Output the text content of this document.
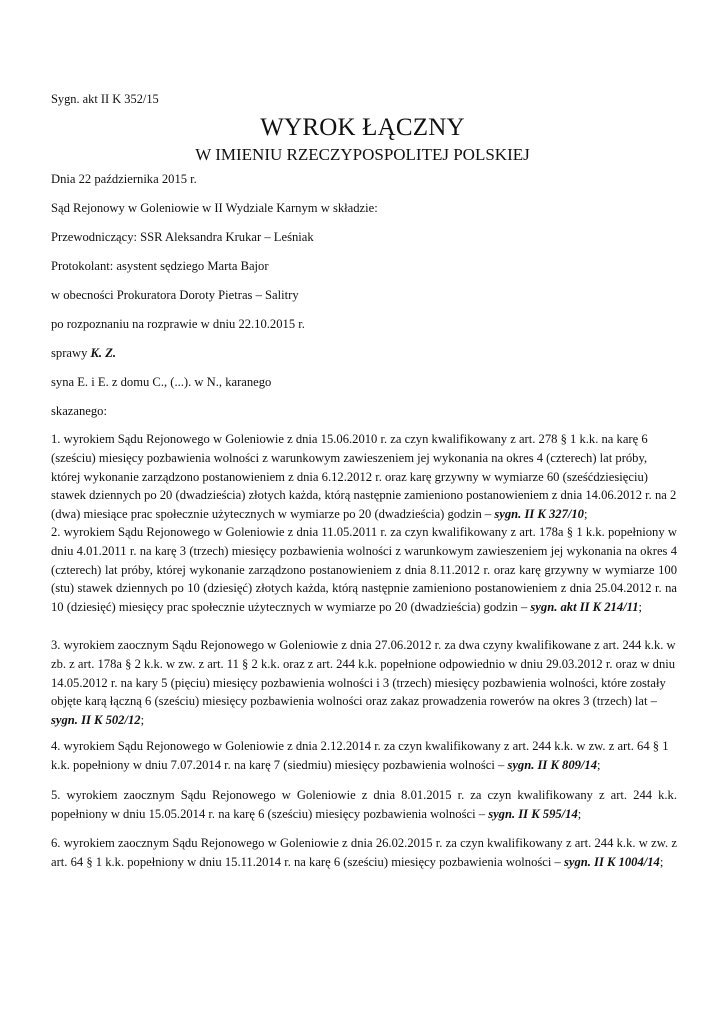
Sygn. akt II K 352/15
WYROK ŁĄCZNY
W IMIENIU RZECZYPOSPOLITEJ POLSKIEJ
Dnia 22 października 2015 r.
Sąd Rejonowy w Goleniowie w II Wydziale Karnym w składzie:
Przewodniczący: SSR Aleksandra Krukar – Leśniak
Protokolant: asystent sędziego Marta Bajor
w obecności Prokuratora Doroty Pietras – Salitry
po rozpoznaniu na rozprawie w dniu 22.10.2015 r.
sprawy K. Z.
syna E. i E. z domu C., (...). w N., karanego
skazanego:
1. wyrokiem Sądu Rejonowego w Goleniowie z dnia 15.06.2010 r. za czyn kwalifikowany z art. 278 § 1 k.k. na karę 6 (sześciu) miesięcy pozbawienia wolności z warunkowym zawieszeniem jej wykonania na okres 4 (czterech) lat próby, której wykonanie zarządzono postanowieniem z dnia 6.12.2012 r. oraz karę grzywny w wymiarze 60 (sześćdziesięciu) stawek dziennych po 20 (dwadzieścia) złotych każda, którą następnie zamieniono postanowieniem z dnia 14.06.2012 r. na 2 (dwa) miesiące prac społecznie użytecznych w wymiarze po 20 (dwadzieścia) godzin – sygn. II K 327/10;
2. wyrokiem Sądu Rejonowego w Goleniowie z dnia 11.05.2011 r. za czyn kwalifikowany z art. 178a § 1 k.k. popełniony w dniu 4.01.2011 r. na karę 3 (trzech) miesięcy pozbawienia wolności z warunkowym zawieszeniem jej wykonania na okres 4 (czterech) lat próby, której wykonanie zarządzono postanowieniem z dnia 8.11.2012 r. oraz karę grzywny w wymiarze 100 (stu) stawek dziennych po 10 (dziesięć) złotych każda, którą następnie zamieniono postanowieniem z dnia 25.04.2012 r. na 10 (dziesięć) miesięcy prac społecznie użytecznych w wymiarze po 20 (dwadzieścia) godzin – sygn. akt II K 214/11;
3. wyrokiem zaocznym Sądu Rejonowego w Goleniowie z dnia 27.06.2012 r. za dwa czyny kwalifikowane z art. 244 k.k. w zb. z art. 178a § 2 k.k. w zw. z art. 11 § 2 k.k. oraz z art. 244 k.k. popełnione odpowiednio w dniu 29.03.2012 r. oraz w dniu 14.05.2012 r. na kary 5 (pięciu) miesięcy pozbawienia wolności i 3 (trzech) miesięcy pozbawienia wolności, które zostały objęte karą łączną 6 (sześciu) miesięcy pozbawienia wolności oraz zakaz prowadzenia rowerów na okres 3 (trzech) lat – sygn. II K 502/12;
4. wyrokiem Sądu Rejonowego w Goleniowie z dnia 2.12.2014 r. za czyn kwalifikowany z art. 244 k.k. w zw. z art. 64 § 1 k.k. popełniony w dniu 7.07.2014 r. na karę 7 (siedmiu) miesięcy pozbawienia wolności – sygn. II K 809/14;
5. wyrokiem zaocznym Sądu Rejonowego w Goleniowie z dnia 8.01.2015 r. za czyn kwalifikowany z art. 244 k.k. popełniony w dniu 15.05.2014 r. na karę 6 (sześciu) miesięcy pozbawienia wolności – sygn. II K 595/14;
6. wyrokiem zaocznym Sądu Rejonowego w Goleniowie z dnia 26.02.2015 r. za czyn kwalifikowany z art. 244 k.k. w zw. z art. 64 § 1 k.k. popełniony w dniu 15.11.2014 r. na karę 6 (sześciu) miesięcy pozbawienia wolności – sygn. II K 1004/14;
